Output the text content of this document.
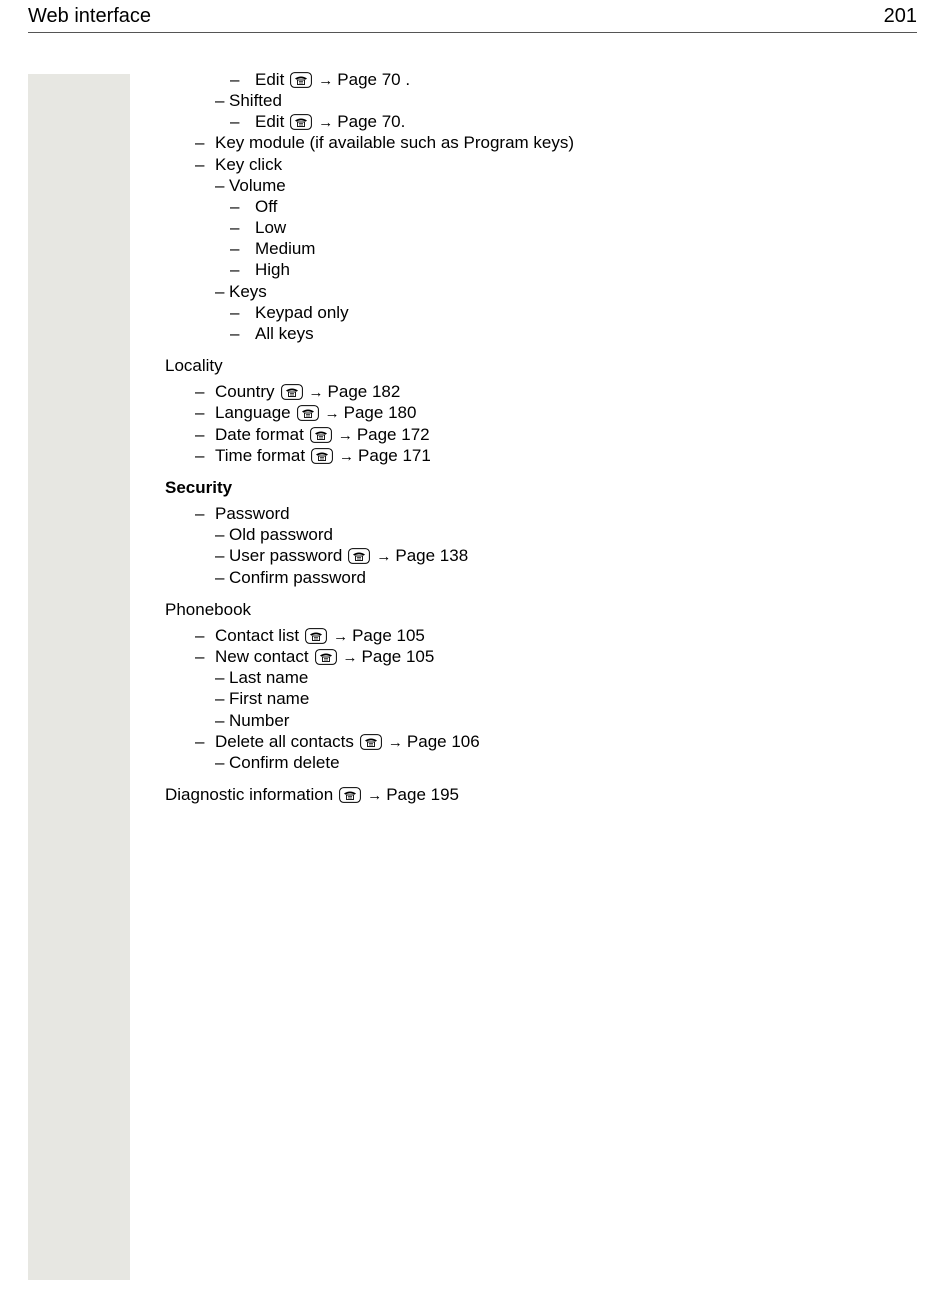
Web interface	201
– Edit → Page 70 .
– Shifted
– Edit → Page 70.
– Key module (if available such as Program keys)
– Key click
– Volume
– Off
– Low
– Medium
– High
– Keys
– Keypad only
– All keys
Locality
– Country → Page 182
– Language → Page 180
– Date format → Page 172
– Time format → Page 171
Security
– Password
– Old password
– User password → Page 138
– Confirm password
Phonebook
– Contact list → Page 105
– New contact → Page 105
– Last name
– First name
– Number
– Delete all contacts → Page 106
– Confirm delete
Diagnostic information → Page 195
